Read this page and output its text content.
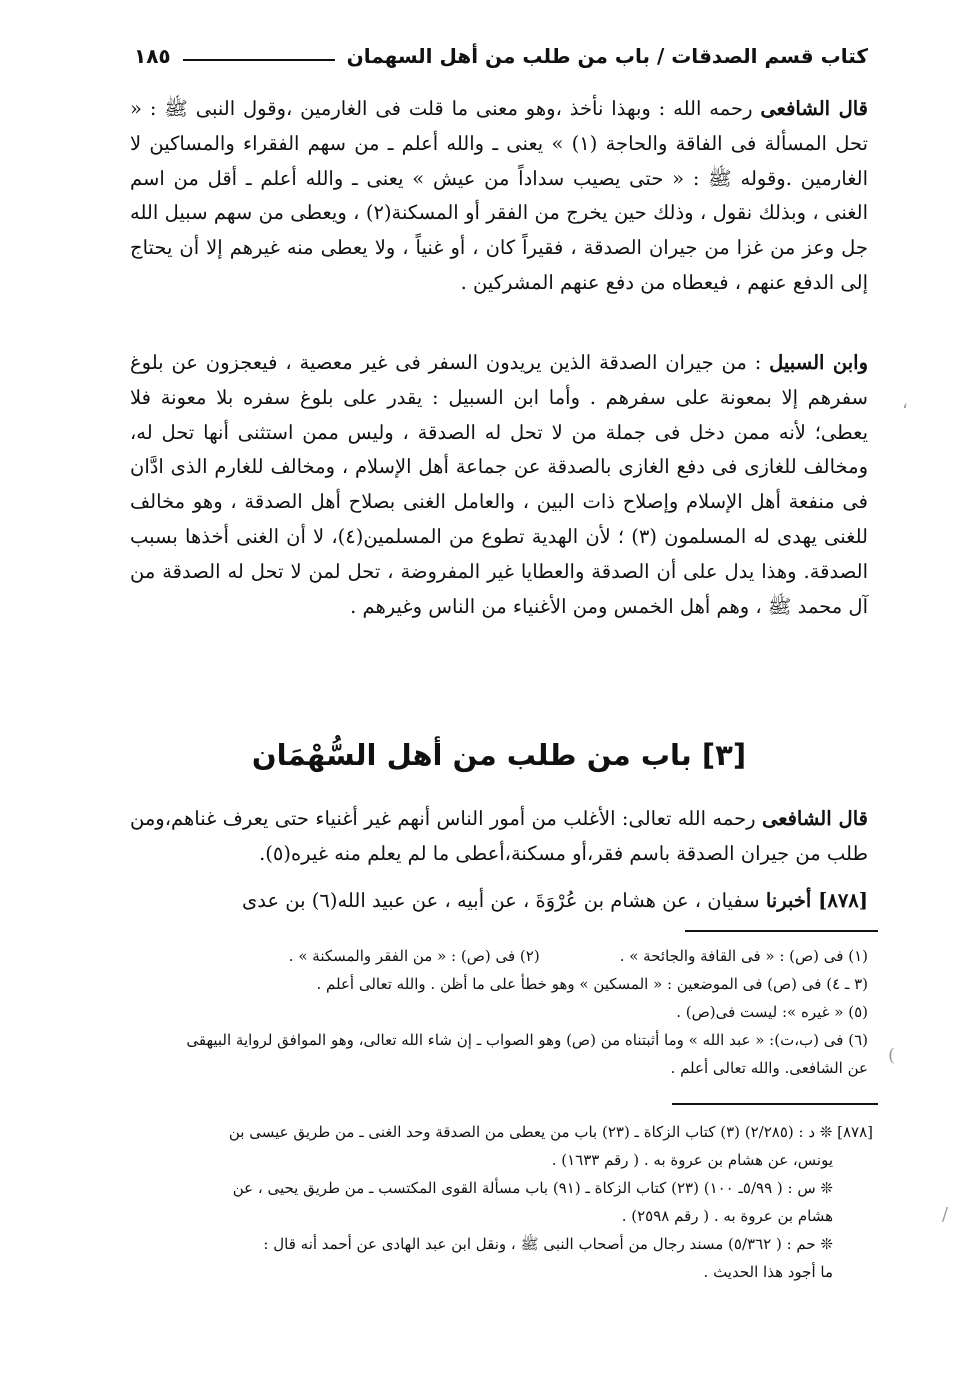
كتاب قسم الصدقات / باب من طلب من أهل السهمان
١٨٥
قال الشافعى رحمه الله : وبهذا نأخذ ،وهو معنى ما قلت فى الغارمين ،وقول النبى ﷺ : « تحل المسألة فى الفاقة والحاجة (١) » يعنى ـ والله أعلم ـ من سهم الفقراء والمساكين لا الغارمين .وقوله ﷺ : « حتى يصيب سداداً من عيش » يعنى ـ والله أعلم ـ أقل من اسم الغنى ، وبذلك نقول ، وذلك حين يخرج من الفقر أو المسكنة(٢) ، ويعطى من سهم سبيل الله جل وعز من غزا من جيران الصدقة ، فقيراً كان ، أو غنياً ، ولا يعطى منه غيرهم إلا أن يحتاج إلى الدفع عنهم ، فيعطاه من دفع عنهم المشركين .
وابن السبيل : من جيران الصدقة الذين يريدون السفر فى غير معصية ، فيعجزون عن بلوغ سفرهم إلا بمعونة على سفرهم . وأما ابن السبيل : يقدر على بلوغ سفره بلا معونة فلا يعطى؛ لأنه ممن دخل فى جملة من لا تحل له الصدقة ، وليس ممن استثنى أنها تحل له، ومخالف للغازى فى دفع الغازى بالصدقة عن جماعة أهل الإسلام ، ومخالف للغارم الذى ادَّان فى منفعة أهل الإسلام وإصلاح ذات البين ، والعامل الغنى بصلاح أهل الصدقة ، وهو مخالف للغنى يهدى له المسلمون (٣) ؛ لأن الهدية تطوع من المسلمين(٤)، لا أن الغنى أخذها بسبب الصدقة. وهذا يدل على أن الصدقة والعطايا غير المفروضة ، تحل لمن لا تحل له الصدقة من آل محمد ﷺ ، وهم أهل الخمس ومن الأغنياء من الناس وغيرهم .
[٣] باب من طلب من أهل السُّهْمَان
قال الشافعى رحمه الله تعالى: الأغلب من أمور الناس أنهم غير أغنياء حتى يعرف غناهم،ومن طلب من جيران الصدقة باسم فقر،أو مسكنة،أعطى ما لم يعلم منه غيره(٥).
[٨٧٨] أخبرنا سفيان ، عن هشام بن عُرْوَةَ ، عن أبيه ، عن عبيد الله(٦) بن عدى
(١) فى (ص) : « فى القافة والجائحة » .
(٢) فى (ص) : « من الفقر والمسكنة » .
(٣ ـ ٤) فى (ص) فى الموضعين : « المسكين » وهو خطأ على ما أظن . والله تعالى أعلم .
(٥) « غيره »: ليست فى(ص) .
(٦) فى (ب،ت): « عبد الله » وما أثبتناه من (ص) وهو الصواب ـ إن شاء الله تعالى، وهو الموافق لرواية البيهقى
عن الشافعى. والله تعالى أعلم .
[٨٧٨] ❊ د : (٢/٢٨٥) (٣) كتاب الزكاة ـ (٢٣) باب من يعطى من الصدقة وحد الغنى ـ من طريق عيسى بن
يونس، عن هشام بن عروة به . ( رقم ١٦٣٣) .
❊ س : ( ٥/٩٩ـ ١٠٠) (٢٣) كتاب الزكاة ـ (٩١) باب مسألة القوى المكتسب ـ من طريق يحيى ، عن
هشام بن عروة به . ( رقم ٢٥٩٨) .
❊ حم : ( ٥/٣٦٢) مسند رجال من أصحاب النبى ﷺ ، ونقل ابن عبد الهادى عن أحمد أنه قال :
ما أجود هذا الحديث .
،
(
/
